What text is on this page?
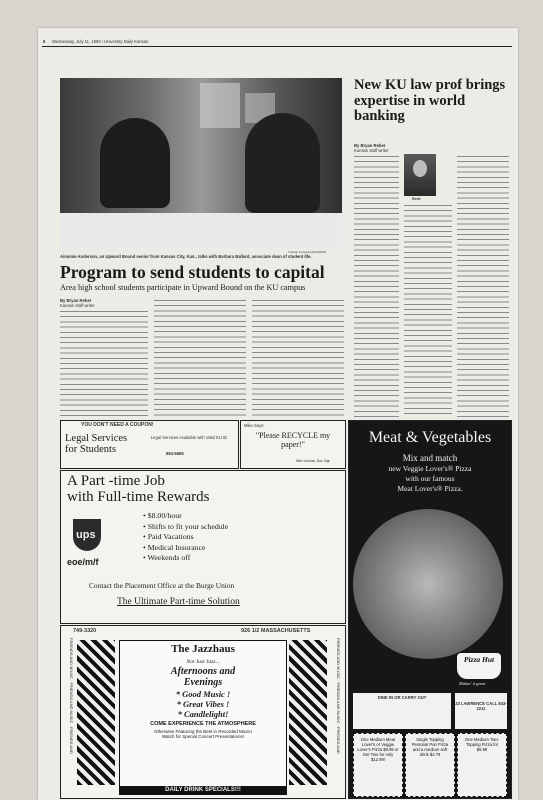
6 Wednesday, July 11, 1990 / University Daily Kansan
Trenton Armstrong/KANSAN
Aimonie Anderson, an Upward Bound senior from Kansas City, Kan., talks with Barbara Ballard, associate dean of student life.
Program to send students to capital
Area high school students participate in Upward Bound on the KU campus
By Bryan Reber
Kansan staff writer
New KU law prof brings expertise in world banking
By Bryan Reber
Kansan staff writer
Reed
YOU DON'T NEED A COUPON!
Legal Services for Students
Legal Services Available with Valid KU ID
864-5665
Mike Says:
"Please RECYCLE my paper!"
Mike Lehman, Bus. Mgr.
A Part -time Job
with Full-time Rewards
ups
eoe/m/f
• $8.00/hour
• Shifts to fit your schedule
• Paid Vacations
• Medical Insurance
• Weekends off
Contact the Placement Office at the Burge Union
The Ultimate Part-time Solution
749-3320	926 1/2 MASSACHUSETTS
FRIENDS AND MUSIC · FRIENDS AND MUSIC · FRIENDS AND	FRIENDS AND MUSIC · FRIENDS AND MUSIC · FRIENDS AND
The Jazzhaus
Not Just Jazz...
Afternoons and Evenings
* Good Music !
* Great Vibes !
* Candlelight!
COME EXPERIENCE THE ATMOSPHERE
Otherwise Featuring the Best in Recorded Music!
Watch for Special Concert Presentations!
DAILY DRINK SPECIALS!!!
Meat & Vegetables
Mix and match
new Veggie Lover's® Pizza
with our famous
Meat Lover's® Pizza.
Pizza Hut
Makin' it great
DINE IN OR CARRY OUT
23 LAWRENCE CALL 843-2211
One Medium Meat Lover's or Veggie Lover's Pizza $8.99 or Get Two for only $12.99!
Single Topping Personal Pan Pizza and a medium soft drink $2.79
One Medium Two-Topping Pizza for $6.99
